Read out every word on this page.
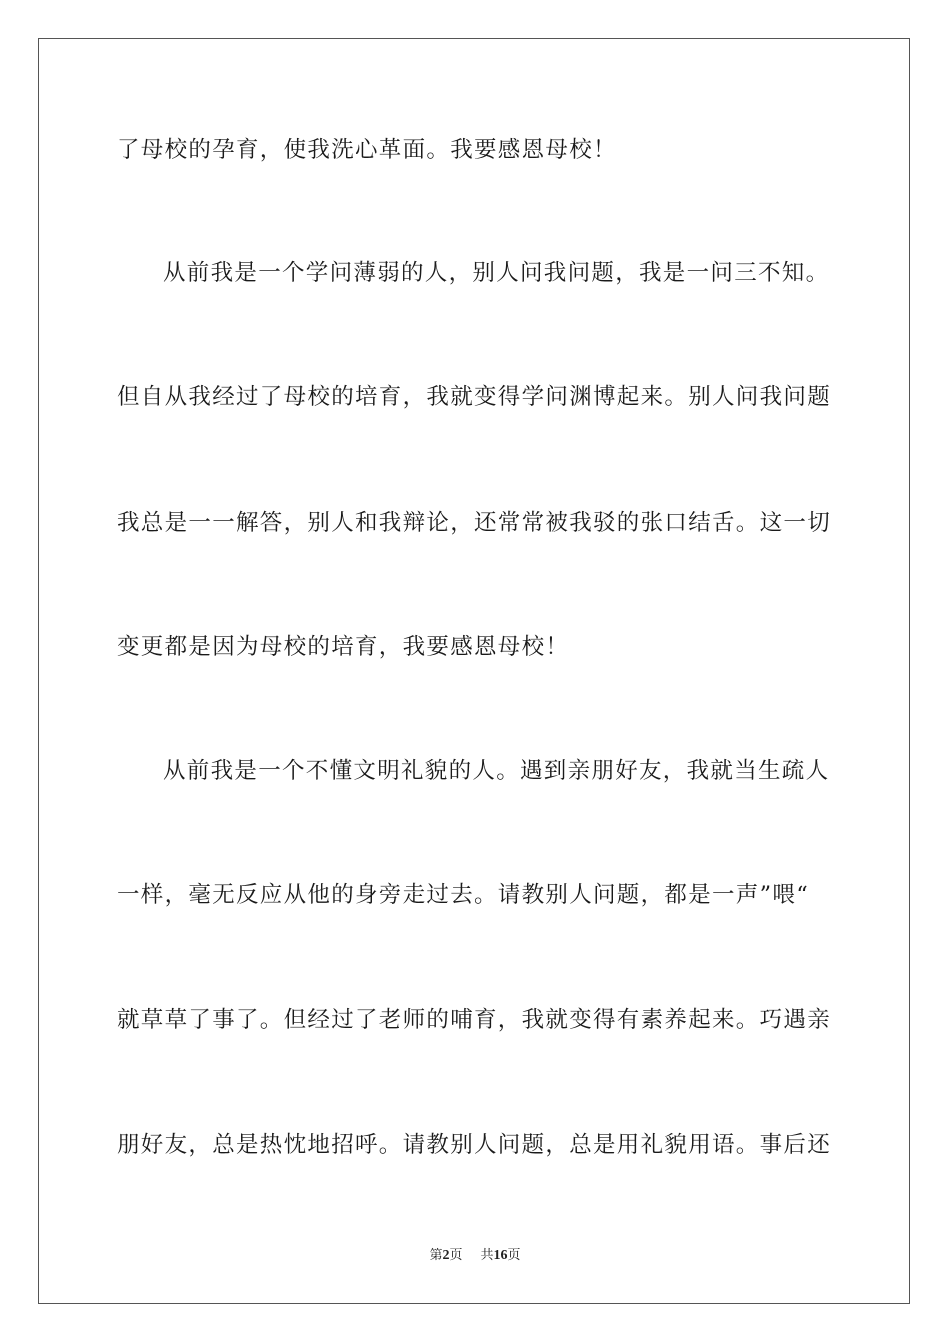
了母校的孕育，使我洗心革面。我要感恩母校！
从前我是一个学问薄弱的人，别人问我问题，我是一问三不知。
但自从我经过了母校的培育，我就变得学问渊博起来。别人问我问题
我总是一一解答，别人和我辩论，还常常被我驳的张口结舌。这一切
变更都是因为母校的培育，我要感恩母校！
从前我是一个不懂文明礼貌的人。遇到亲朋好友，我就当生疏人
一样，毫无反应从他的身旁走过去。请教别人问题，都是一声”喂“
就草草了事了。但经过了老师的哺育，我就变得有素养起来。巧遇亲
朋好友，总是热忱地招呼。请教别人问题，总是用礼貌用语。事后还
第2页 共16页
